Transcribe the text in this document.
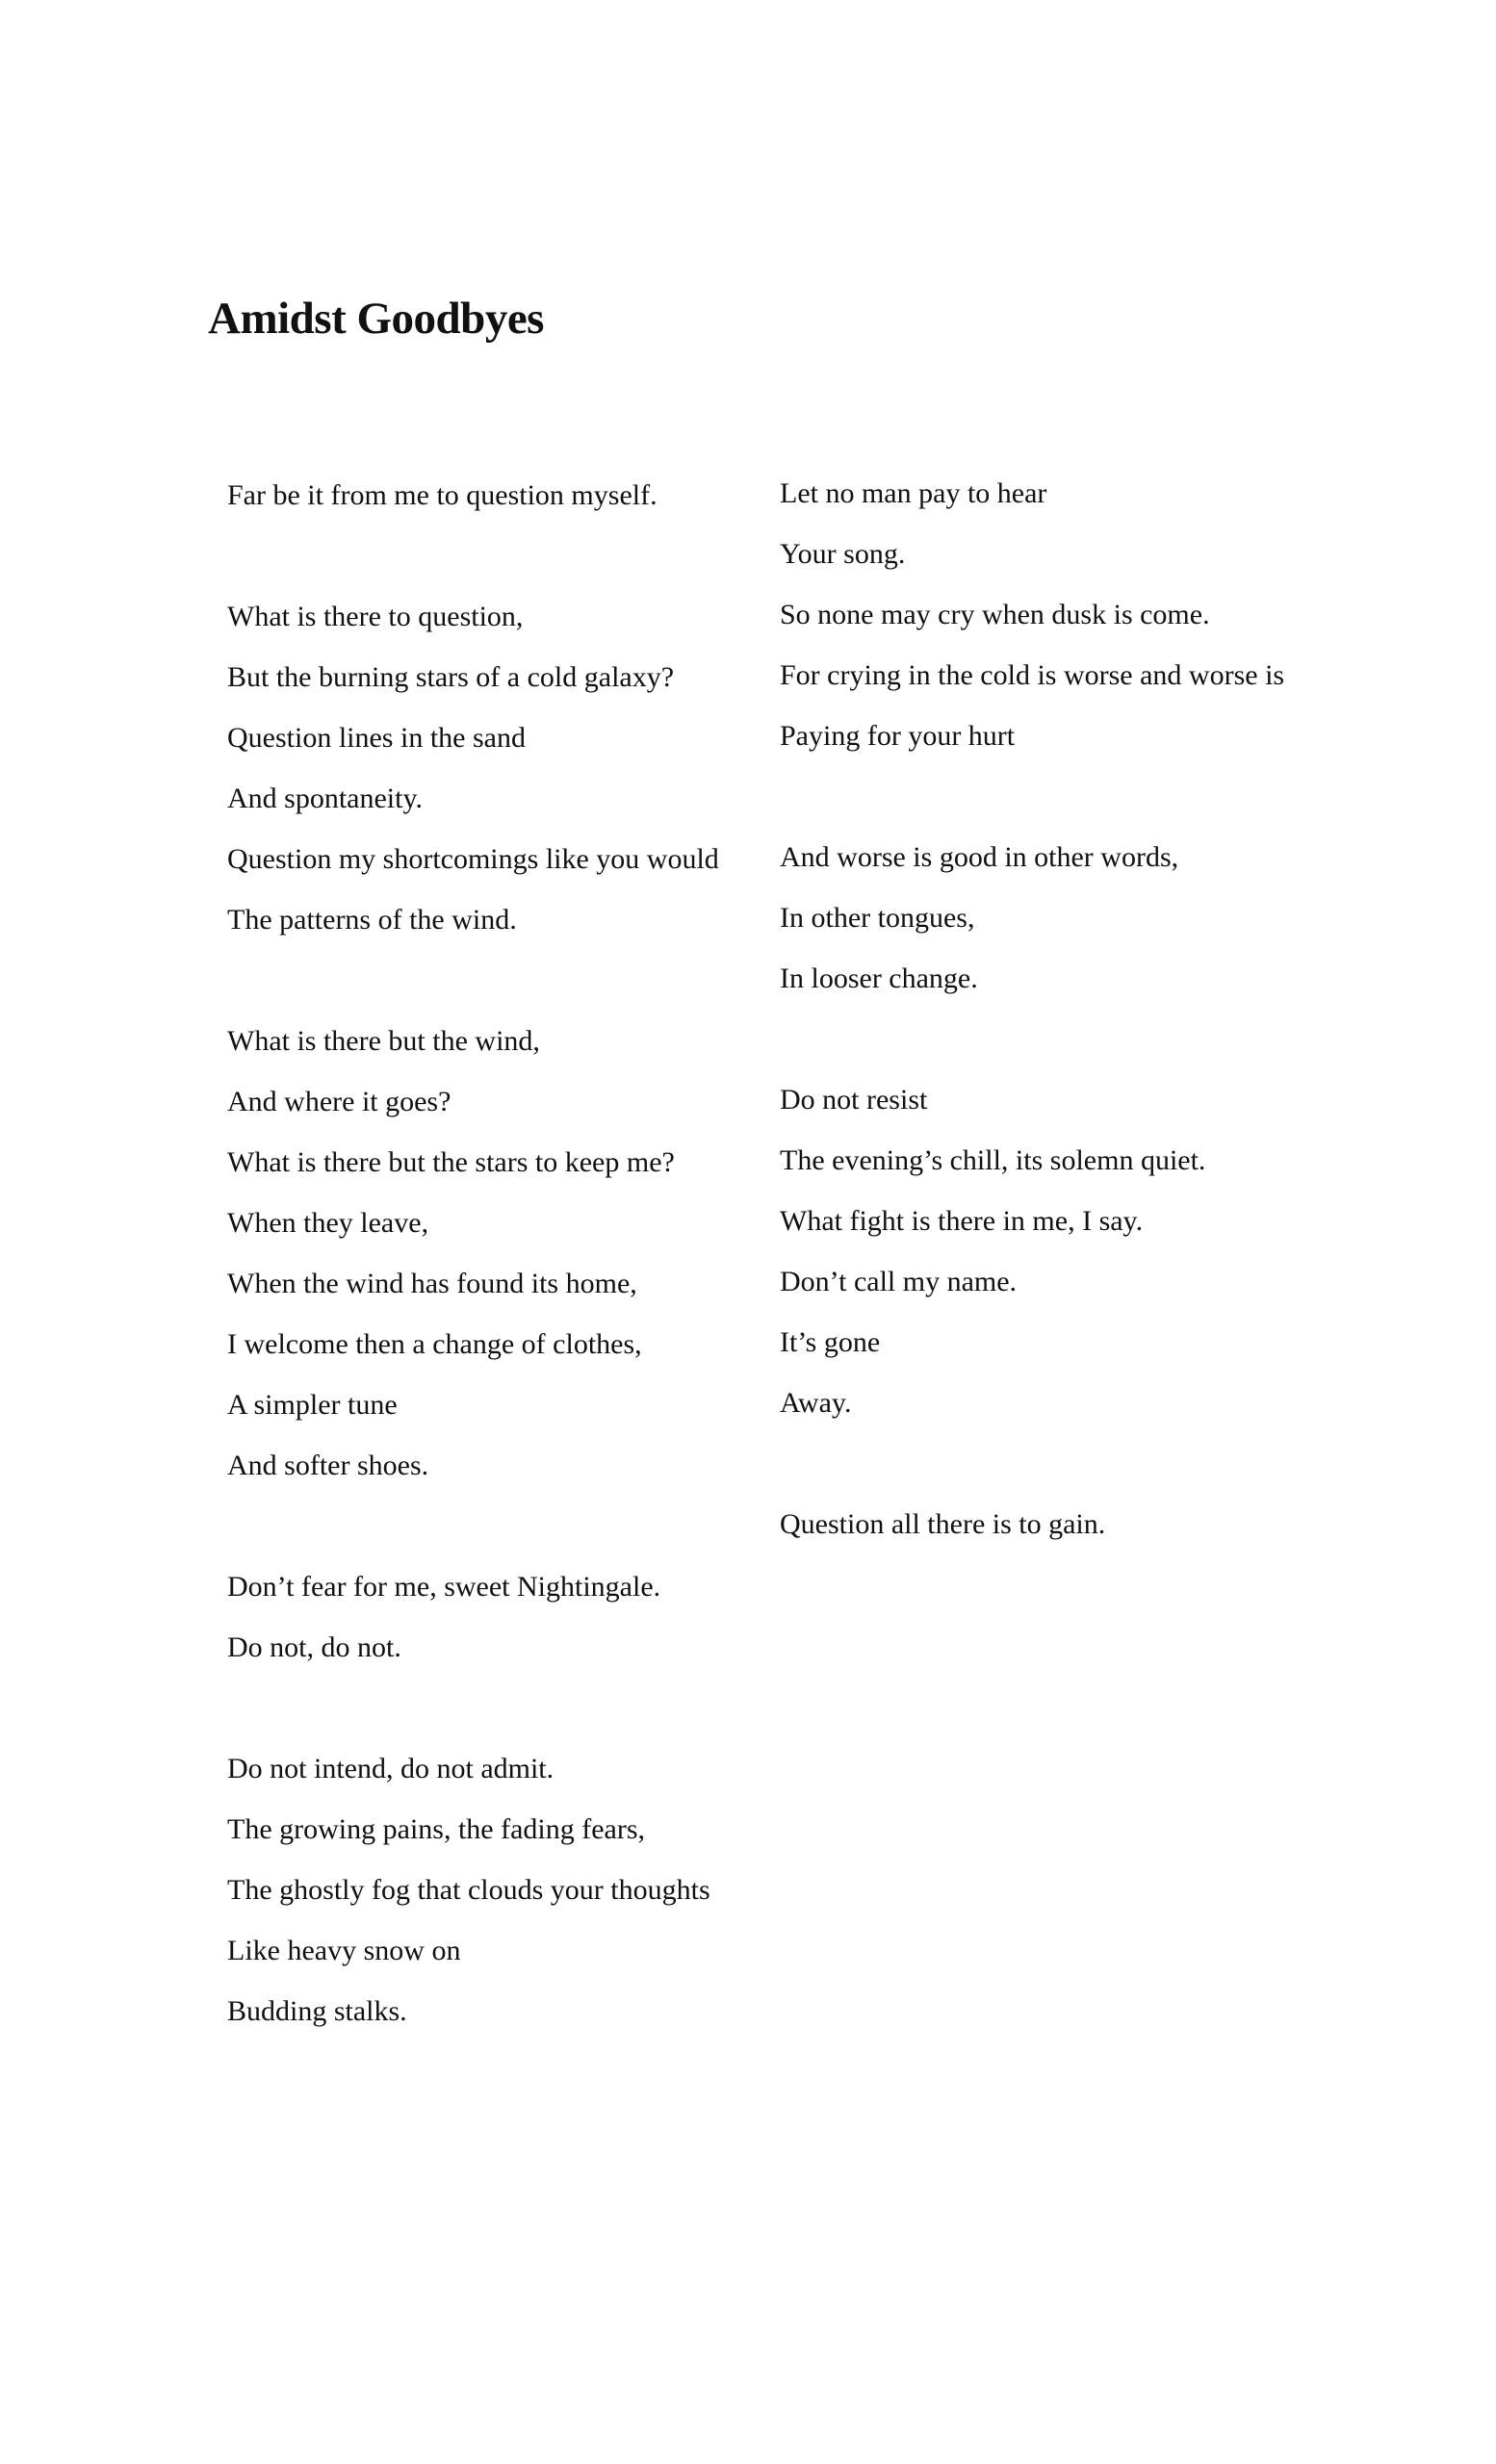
Amidst Goodbyes
Far be it from me to question myself.
What is there to question,
But the burning stars of a cold galaxy?
Question lines in the sand
And spontaneity.
Question my shortcomings like you would
The patterns of the wind.
What is there but the wind,
And where it goes?
What is there but the stars to keep me?
When they leave,
When the wind has found its home,
I welcome then a change of clothes,
A simpler tune
And softer shoes.
Don’t fear for me, sweet Nightingale.
Do not, do not.
Do not intend, do not admit.
The growing pains, the fading fears,
The ghostly fog that clouds your thoughts
Like heavy snow on
Budding stalks.
Let no man pay to hear
Your song.
So none may cry when dusk is come.
For crying in the cold is worse and worse is
Paying for your hurt
And worse is good in other words,
In other tongues,
In looser change.
Do not resist
The evening’s chill, its solemn quiet.
What fight is there in me, I say.
Don’t call my name.
It’s gone
Away.
Question all there is to gain.
